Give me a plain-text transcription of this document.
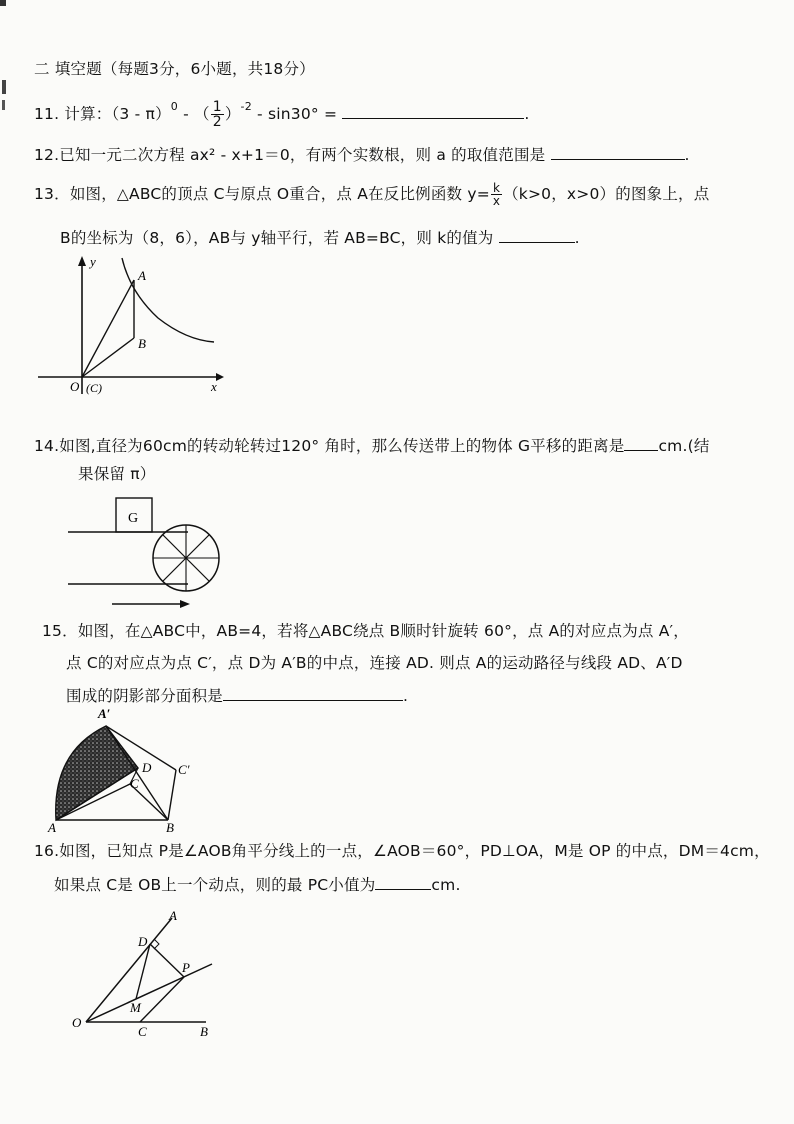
二 填空题（每题3分，6小题，共18分）
11. 计算：（3 - π）$^0$ - （ $\frac{1}{2} )^{-2} - \sin 30^\circ$ =	.
12.已知一元二次方程 ax² - x+1＝0，有两个实数根，则 a 的取值范围是	.
13．如图，△ABC的顶点 C与原点 O重合，点 A在反比例函数 $y= \frac{k}{x} (k>0$，x>0）的图象上，点
B的坐标为（8，6），AB与 y轴平行，若 AB=BC，则 k的值为	.
y
x
A
B
O (C)
14.如图,直径为60cm的转动轮转过120° 角时，那么传送带上的物体 G平移的距离是 cm.(结
果保留 π）
G
15．如图，在△ABC中，AB=4，若将△ABC绕点 B顺时针旋转 60°，点 A的对应点为点 A′，
点 C的对应点为点 C′，点 D为 A′B的中点，连接 AD. 则点 A的运动路径与线段 AD、A′D
围成的阴影部分面积是	.
A′
D
C
C′
A	B
16.如图，已知点 P是∠AOB角平分线上的一点，∠AOB＝60°，PD⊥OA，M是 OP 的中点，DM＝4cm，
如果点 C是 OB上一个动点，则的最 PC小值为	cm.
A
D
P
M
O
C	B
